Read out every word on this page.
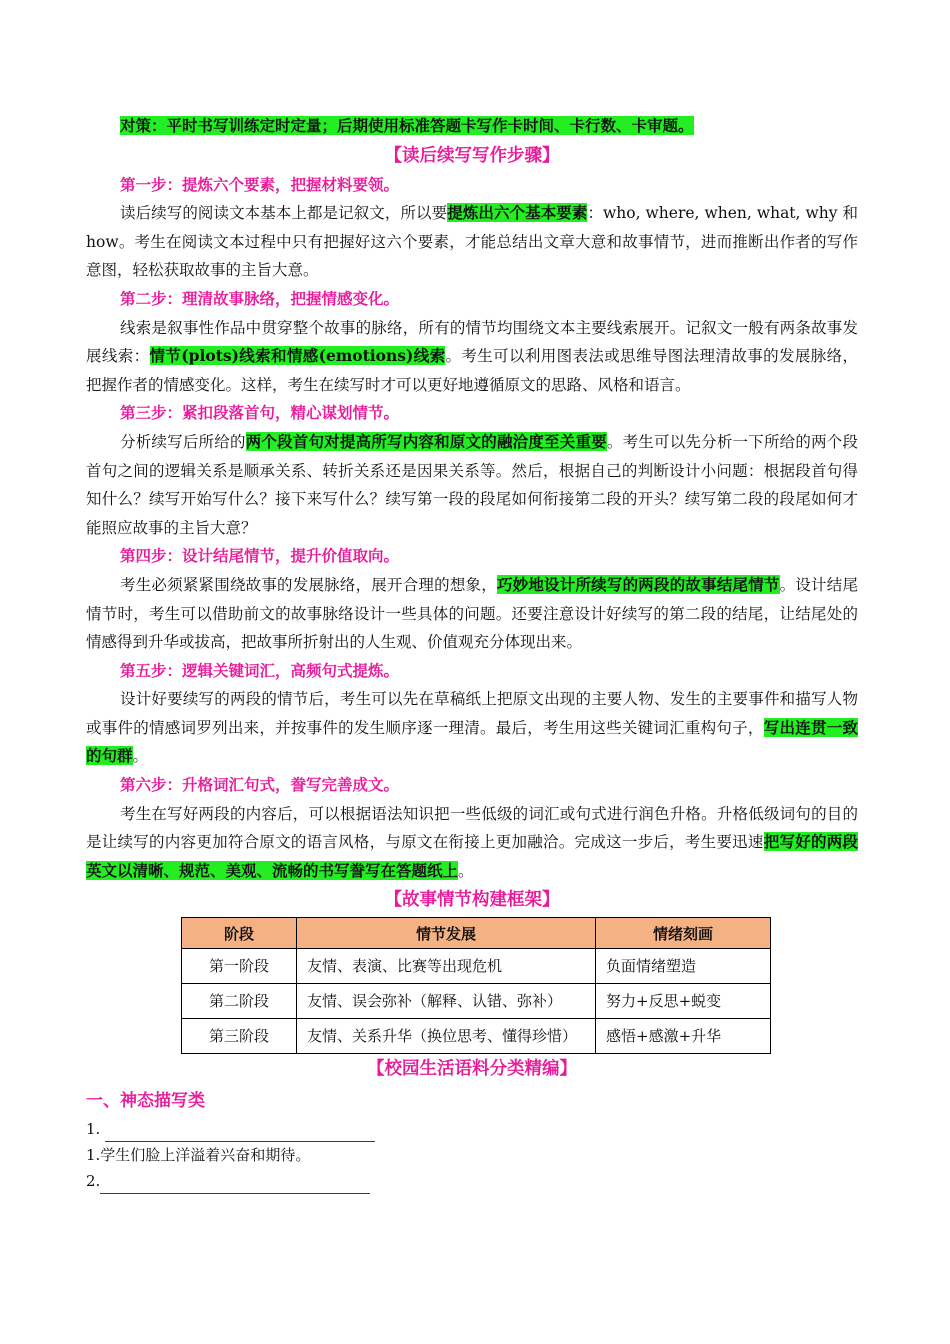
对策：平时书写训练定时定量；后期使用标准答题卡写作卡时间、卡行数、卡审题。
【读后续写写作步骤】
第一步：提炼六个要素，把握材料要领。

读后续写的阅读文本基本上都是记叙文，所以要提炼出六个基本要素：who, where, when, what, why 和 how。考生在阅读文本过程中只有把握好这六个要素，才能总结出文章大意和故事情节，进而推断出作者的写作意图，轻松获取故事的主旨大意。

第二步：理清故事脉络，把握情感变化。

线索是叙事性作品中贯穿整个故事的脉络，所有的情节均围绕文本主要线索展开。记叙文一般有两条故事发展线索：情节(plots)线索和情感(emotions)线索。考生可以利用图表法或思维导图法理清故事的发展脉络，把握作者的情感变化。这样，考生在续写时才可以更好地遵循原文的思路、风格和语言。

第三步：紧扣段落首句，精心谋划情节。

分析续写后所给的两个段首句对提高所写内容和原文的融洽度至关重要。考生可以先分析一下所给的两个段首句之间的逻辑关系是顺承关系、转折关系还是因果关系等。然后，根据自己的判断设计小问题：根据段首句得知什么？续写开始写什么？接下来写什么？续写第一段的段尾如何衔接第二段的开头？续写第二段的段尾如何才能照应故事的主旨大意？

第四步：设计结尾情节，提升价值取向。

考生必须紧紧围绕故事的发展脉络，展开合理的想象，巧妙地设计所续写的两段的故事结尾情节。设计结尾情节时，考生可以借助前文的故事脉络设计一些具体的问题。还要注意设计好续写的第二段的结尾，让结尾处的情感得到升华或拔高，把故事所折射出的人生观、价值观充分体现出来。

第五步：逻辑关键词汇，高频句式提炼。

设计好要续写的两段的情节后，考生可以先在草稿纸上把原文出现的主要人物、发生的主要事件和描写人物或事件的情感词罗列出来，并按事件的发生顺序逐一理清。最后，考生用这些关键词汇重构句子，写出连贯一致的句群。

第六步：升格词汇句式，誊写完善成文。

考生在写好两段的内容后，可以根据语法知识把一些低级的词汇或句式进行润色升格。升格低级词句的目的是让续写的内容更加符合原文的语言风格，与原文在衔接上更加融洽。完成这一步后，考生要迅速把写好的两段英文以清晰、规范、美观、流畅的书写誊写在答题纸上。

【故事情节构建框架】
阶段	情节发展	情绪刻画
第一阶段	友情、表演、比赛等出现危机	负面情绪塑造
第二阶段	友情、误会弥补（解释、认错、弥补）	努力+反思+蜕变
第三阶段	友情、关系升华（换位思考、懂得珍惜）	感悟+感激+升华
【校园生活语料分类精编】
一、神态描写类
1.
1.学生们脸上洋溢着兴奋和期待。
2.
